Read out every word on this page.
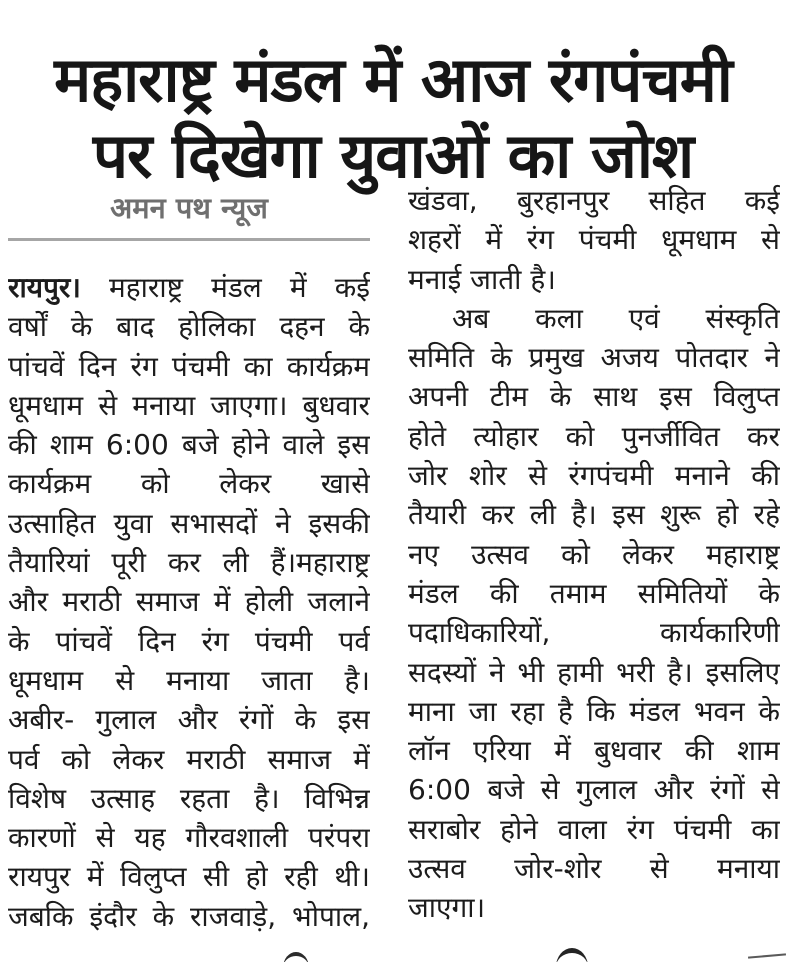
महाराष्ट्र मंडल में आज रंगपंचमी
पर दिखेगा युवाओं का जोश
अमन पथ न्यूज
रायपुर। महाराष्ट्र मंडल में कई
वर्षों के बाद होलिका दहन के
पांचवें दिन रंग पंचमी का कार्यक्रम
धूमधाम से मनाया जाएगा। बुधवार
की शाम 6:00 बजे होने वाले इस
कार्यक्रम को लेकर खासे
उत्साहित युवा सभासदों ने इसकी
तैयारियां पूरी कर ली हैं।महाराष्ट्र
और मराठी समाज में होली जलाने
के पांचवें दिन रंग पंचमी पर्व
धूमधाम से मनाया जाता है।
अबीर- गुलाल और रंगों के इस
पर्व को लेकर मराठी समाज में
विशेष उत्साह रहता है। विभिन्न
कारणों से यह गौरवशाली परंपरा
रायपुर में विलुप्त सी हो रही थी।
जबकि इंदौर के राजवाड़े, भोपाल,
खंडवा, बुरहानपुर सहित कई
शहरों में रंग पंचमी धूमधाम से
मनाई जाती है।
अब कला एवं संस्कृति
समिति के प्रमुख अजय पोतदार ने
अपनी टीम के साथ इस विलुप्त
होते त्योहार को पुनर्जीवित कर
जोर शोर से रंगपंचमी मनाने की
तैयारी कर ली है। इस शुरू हो रहे
नए उत्सव को लेकर महाराष्ट्र
मंडल की तमाम समितियों के
पदाधिकारियों, कार्यकारिणी
सदस्यों ने भी हामी भरी है। इसलिए
माना जा रहा है कि मंडल भवन के
लॉन एरिया में बुधवार की शाम
6:00 बजे से गुलाल और रंगों से
सराबोर होने वाला रंग पंचमी का
उत्सव जोर-शोर से मनाया
जाएगा।
